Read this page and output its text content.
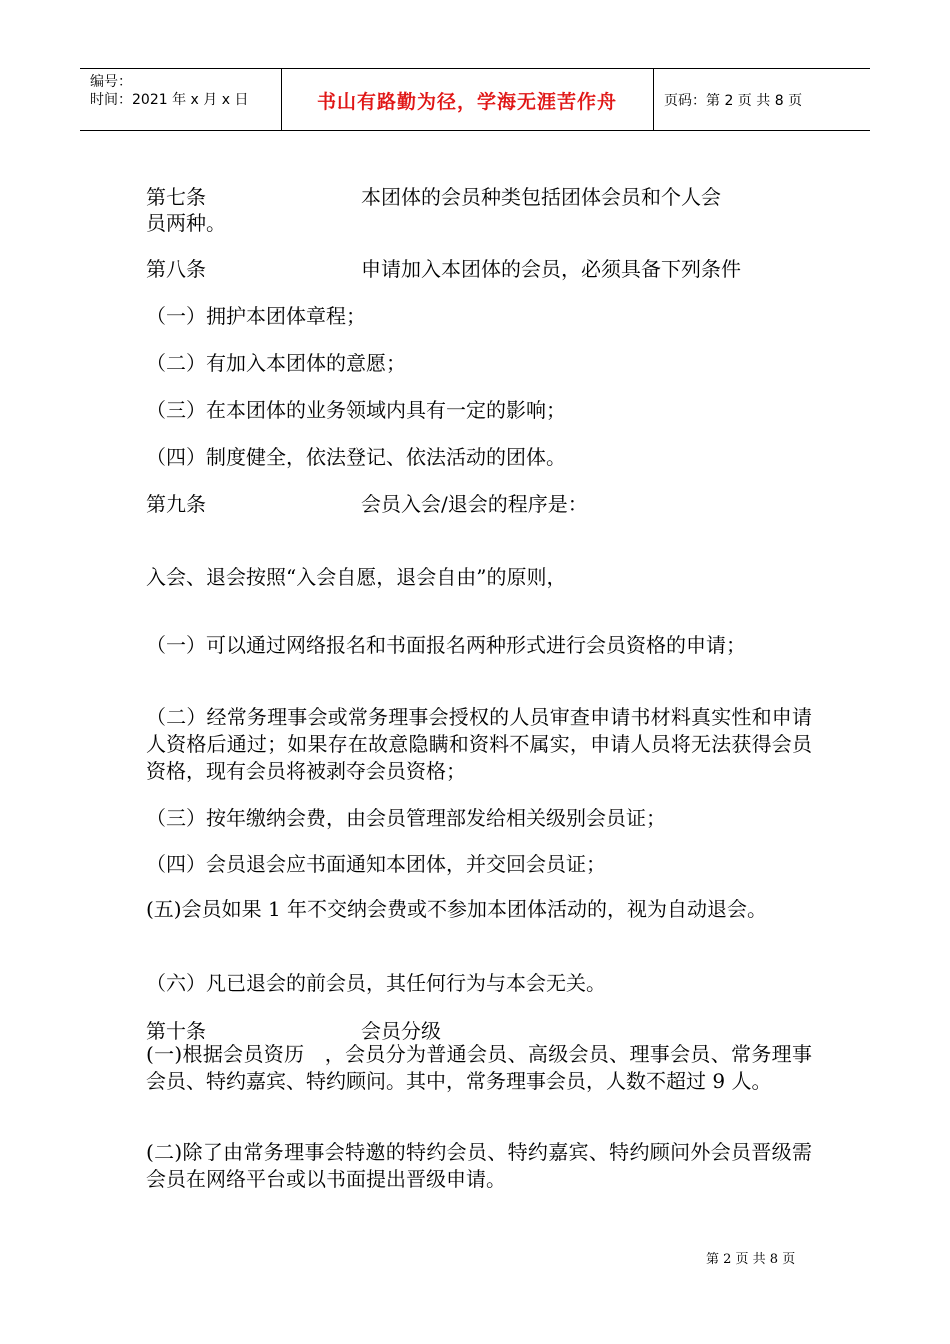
编号：
时间：2021 年 x 月 x 日	书山有路勤为径，学海无涯苦作舟	页码：第 2 页 共 8 页
第七条	本团体的会员种类包括团体会员和个人会
员两种。
第八条	申请加入本团体的会员，必须具备下列条件
（一）拥护本团体章程；
（二）有加入本团体的意愿；
（三）在本团体的业务领域内具有一定的影响；
（四）制度健全，依法登记、依法活动的团体。
第九条	会员入会/退会的程序是：
入会、退会按照“入会自愿，退会自由”的原则，
（一）可以通过网络报名和书面报名两种形式进行会员资格的申请；
（二）经常务理事会或常务理事会授权的人员审查申请书材料真实性和申请人资格后通过；如果存在故意隐瞒和资料不属实，申请人员将无法获得会员资格，现有会员将被剥夺会员资格；
（三）按年缴纳会费，由会员管理部发给相关级别会员证；
（四）会员退会应书面通知本团体，并交回会员证；
(五)会员如果 1 年不交纳会费或不参加本团体活动的，视为自动退会。
（六）凡已退会的前会员，其任何行为与本会无关。
第十条	会员分级
(一)根据会员资历　，会员分为普通会员、高级会员、理事会员、常务理事会员、特约嘉宾、特约顾问。其中，常务理事会员，人数不超过 9 人。
(二)除了由常务理事会特邀的特约会员、特约嘉宾、特约顾问外会员晋级需会员在网络平台或以书面提出晋级申请。
第 2 页 共 8 页
